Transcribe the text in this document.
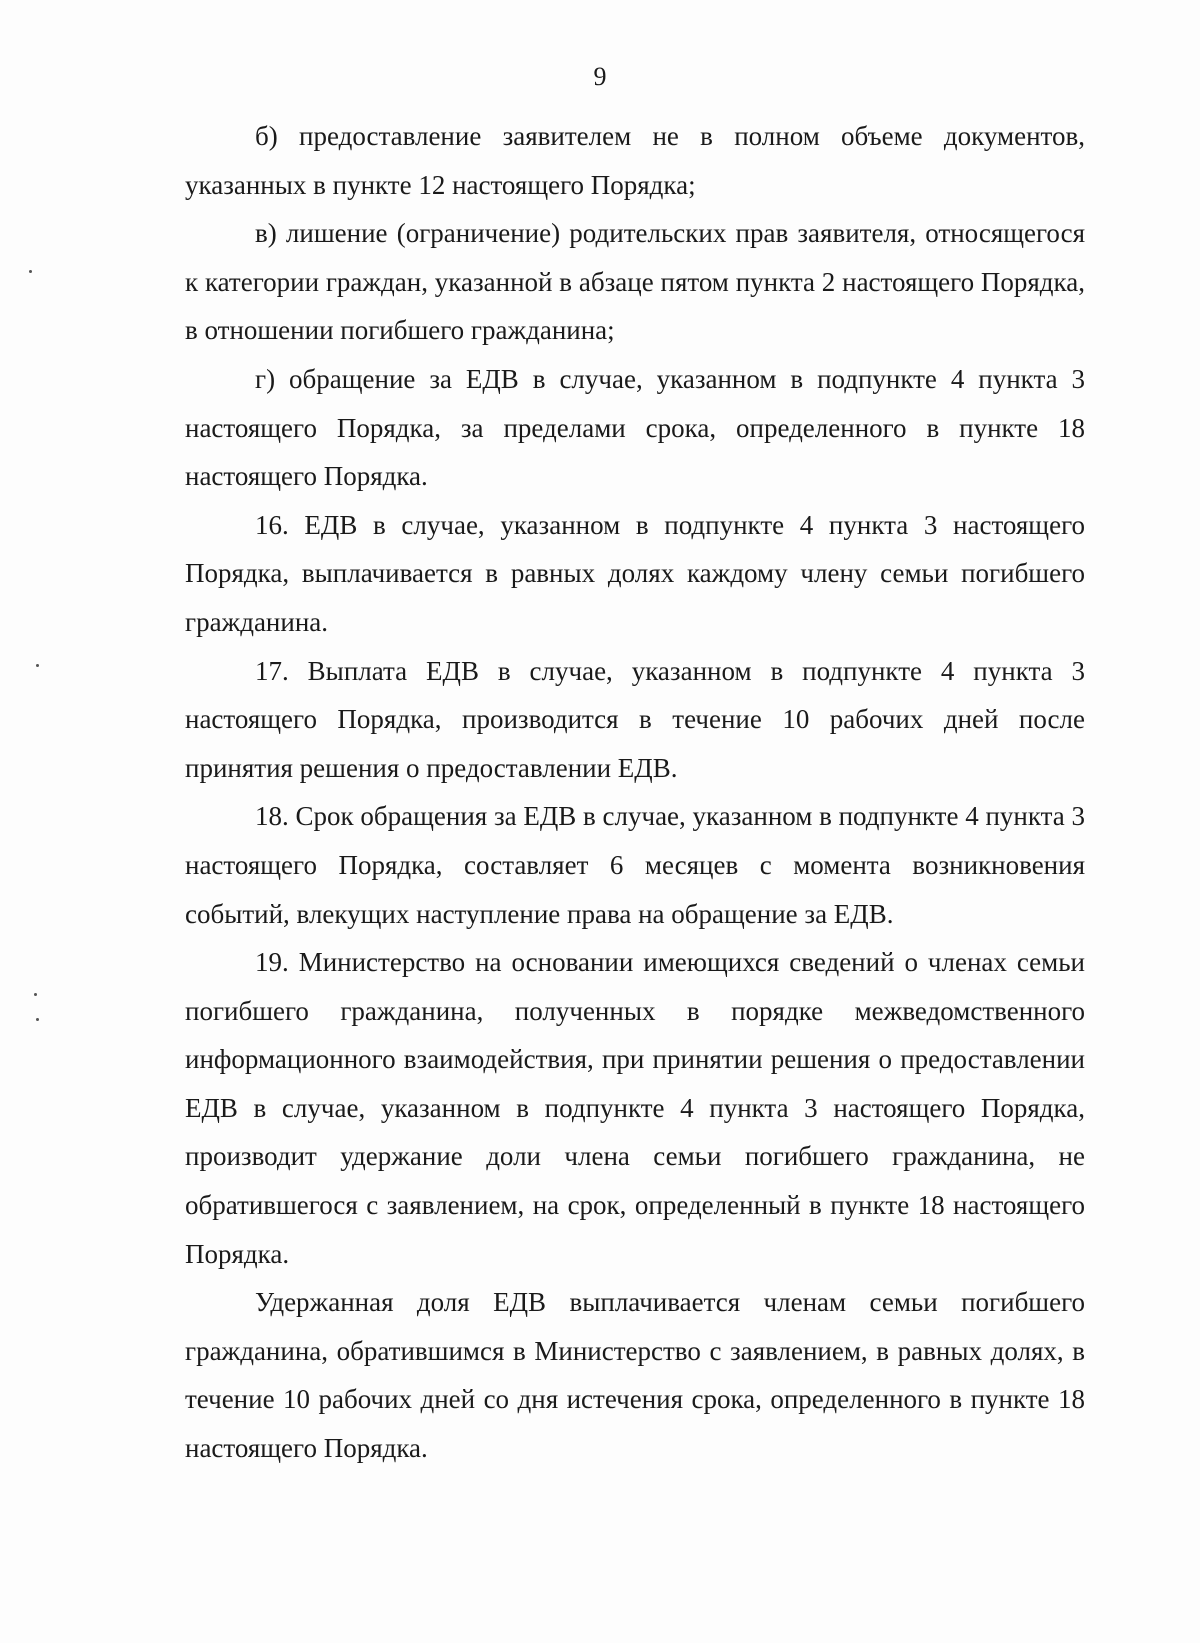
9

б) предоставление заявителем не в полном объеме документов, указанных в пункте 12 настоящего Порядка;

в) лишение (ограничение) родительских прав заявителя, относящегося к категории граждан, указанной в абзаце пятом пункта 2 настоящего Порядка, в отношении погибшего гражданина;

г) обращение за ЕДВ в случае, указанном в подпункте 4 пункта 3 настоящего Порядка, за пределами срока, определенного в пункте 18 настоящего Порядка.

16. ЕДВ в случае, указанном в подпункте 4 пункта 3 настоящего Порядка, выплачивается в равных долях каждому члену семьи погибшего гражданина.

17. Выплата ЕДВ в случае, указанном в подпункте 4 пункта 3 настоящего Порядка, производится в течение 10 рабочих дней после принятия решения о предоставлении ЕДВ.

18. Срок обращения за ЕДВ в случае, указанном в подпункте 4 пункта 3 настоящего Порядка, составляет 6 месяцев с момента возникновения событий, влекущих наступление права на обращение за ЕДВ.

19. Министерство на основании имеющихся сведений о членах семьи погибшего гражданина, полученных в порядке межведомственного информационного взаимодействия, при принятии решения о предоставлении ЕДВ в случае, указанном в подпункте 4 пункта 3 настоящего Порядка, производит удержание доли члена семьи погибшего гражданина, не обратившегося с заявлением, на срок, определенный в пункте 18 настоящего Порядка.

Удержанная доля ЕДВ выплачивается членам семьи погибшего гражданина, обратившимся в Министерство с заявлением, в равных долях, в течение 10 рабочих дней со дня истечения срока, определенного в пункте 18 настоящего Порядка.
